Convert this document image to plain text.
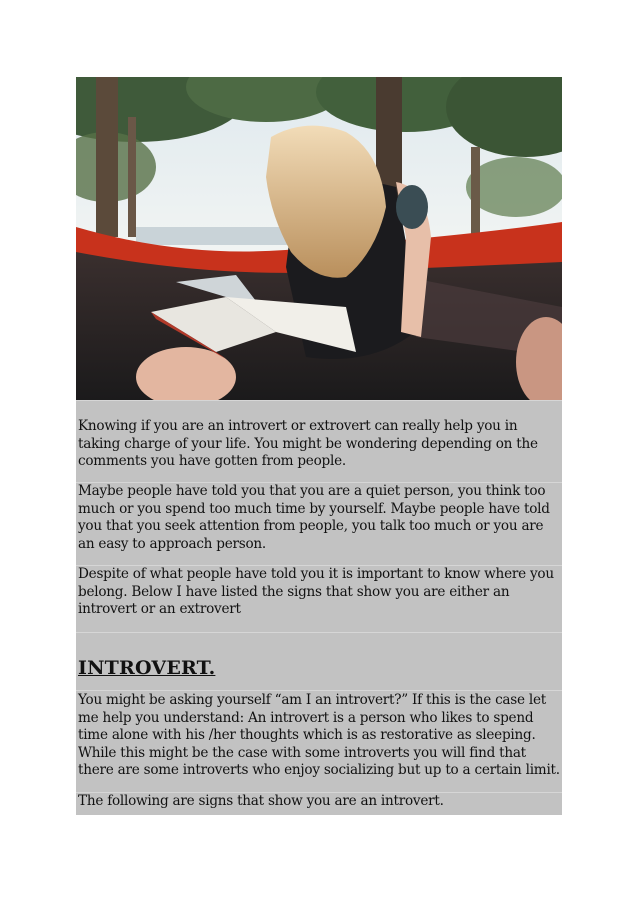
Knowing if you are an introvert or extrovert can really help you in taking charge of your life. You might be wondering depending on the comments you have gotten from people.

Maybe people have told you that you are a quiet person, you think too much or you spend too much time by yourself. Maybe people have told you that you seek attention from people, you talk too much or you are an easy to approach person.

Despite of what people have told you it is important to know where you belong. Below I have listed the signs that show you are either an introvert or an extrovert

INTROVERT.

You might be asking yourself “am I an introvert?” If this is the case let me help you understand: An introvert is a person who likes to spend time alone with his /her thoughts which is as restorative as sleeping. While this might be the case with some introverts you will find that there are some introverts who enjoy socializing but up to a certain limit.

The following are signs that show you are an introvert.
